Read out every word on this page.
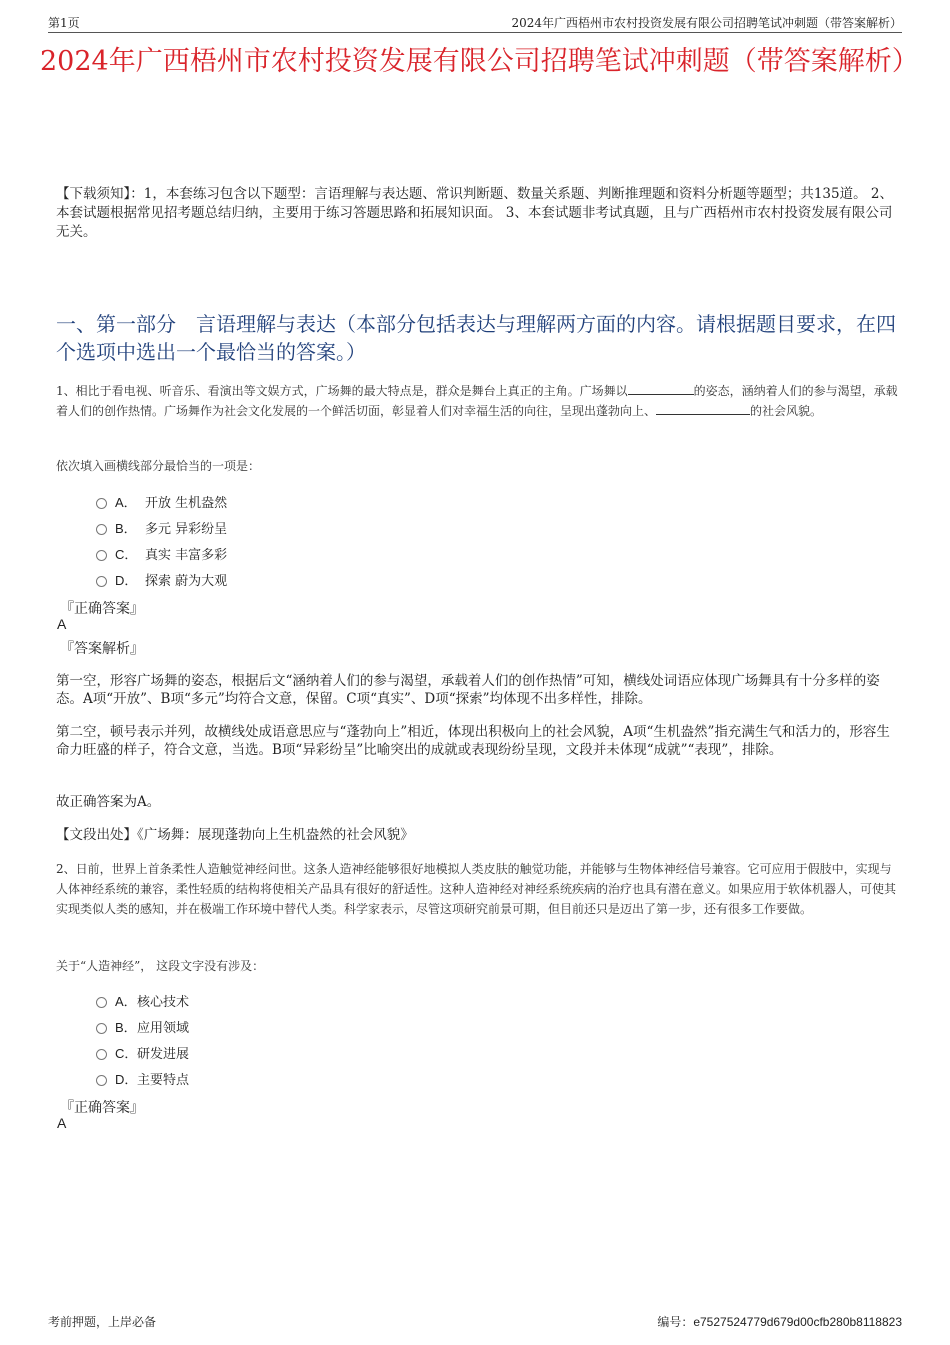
第1页	2024年广西梧州市农村投资发展有限公司招聘笔试冲刺题（带答案解析）
2024年广西梧州市农村投资发展有限公司招聘笔试冲刺题（带答案解析）
【下载须知】：1，本套练习包含以下题型：言语理解与表达题、常识判断题、数量关系题、判断推理题和资料分析题等题型；共135道。 2、本套试题根据常见招考题总结归纳，主要用于练习答题思路和拓展知识面。 3、本套试题非考试真题，且与广西梧州市农村投资发展有限公司无关。
一、第一部分　言语理解与表达（本部分包括表达与理解两方面的内容。请根据题目要求，在四个选项中选出一个最恰当的答案。）
1、相比于看电视、听音乐、看演出等文娱方式，广场舞的最大特点是，群众是舞台上真正的主角。广场舞以	的姿态，涵纳着人们的参与渴望，承载着人们的创作热情。广场舞作为社会文化发展的一个鲜活切面，彰显着人们对幸福生活的向往，呈现出蓬勃向上、	的社会风貌。
依次填入画横线部分最恰当的一项是：
A． 开放 生机盎然
B． 多元 异彩纷呈
C． 真实 丰富多彩
D． 探索 蔚为大观
『正确答案』
A
『答案解析』
第一空，形容广场舞的姿态，根据后文“涵纳着人们的参与渴望，承载着人们的创作热情”可知，横线处词语应体现广场舞具有十分多样的姿态。A项“开放”、B项“多元”均符合文意，保留。C项“真实”、D项“探索”均体现不出多样性，排除。
第二空，顿号表示并列，故横线处成语意思应与“蓬勃向上”相近，体现出积极向上的社会风貌，A项“生机盎然”指充满生气和活力的，形容生命力旺盛的样子，符合文意，当选。B项“异彩纷呈”比喻突出的成就或表现纷纷呈现，文段并未体现“成就”“表现”，排除。
故正确答案为A。
【文段出处】《广场舞：展现蓬勃向上生机盎然的社会风貌》
2、日前，世界上首条柔性人造触觉神经问世。这条人造神经能够很好地模拟人类皮肤的触觉功能，并能够与生物体神经信号兼容。它可应用于假肢中，实现与人体神经系统的兼容，柔性轻质的结构将使相关产品具有很好的舒适性。这种人造神经对神经系统疾病的治疗也具有潜在意义。如果应用于软体机器人，可使其实现类似人类的感知，并在极端工作环境中替代人类。科学家表示，尽管这项研究前景可期，但目前还只是迈出了第一步，还有很多工作要做。
关于“人造神经”， 这段文字没有涉及：
A． 核心技术
B． 应用领域
C． 研发进展
D． 主要特点
『正确答案』
A
考前押题，上岸必备	编号：e7527524779d679d00cfb280b8118823
